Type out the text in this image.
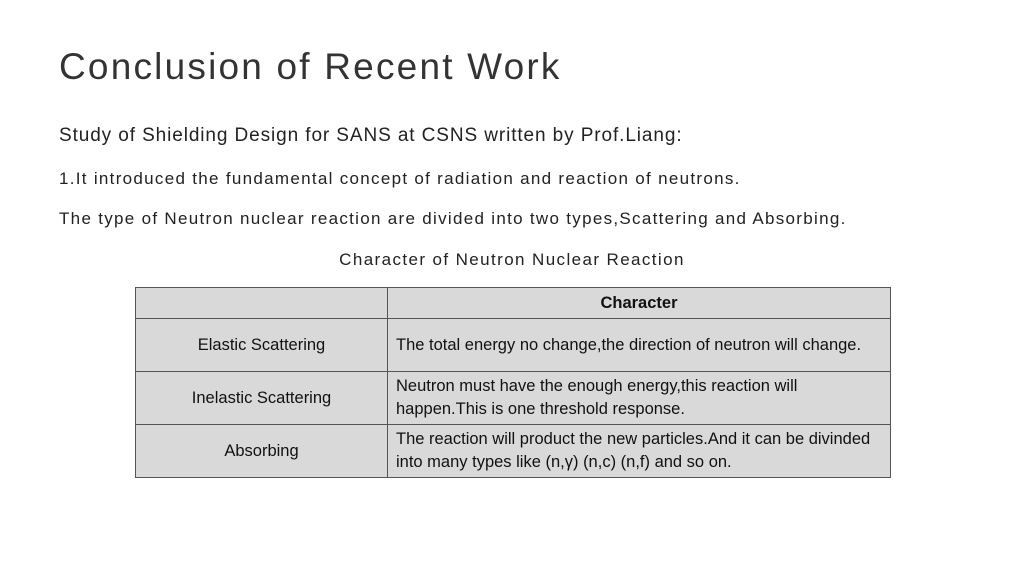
Conclusion of Recent Work
Study of Shielding Design for SANS at CSNS written by Prof.Liang:
1.It introduced the fundamental concept of radiation and reaction of neutrons.
The type of Neutron nuclear reaction are divided into two types,Scattering and Absorbing.
Character of Neutron Nuclear Reaction
	Character
Elastic Scattering	The total energy no change,the direction of neutron will change.
Inelastic Scattering	Neutron must have the enough energy,this reaction will happen.This is one threshold response.
Absorbing	The reaction will product the new particles.And it can be divinded into many types like (n,γ) (n,c) (n,f) and so on.
